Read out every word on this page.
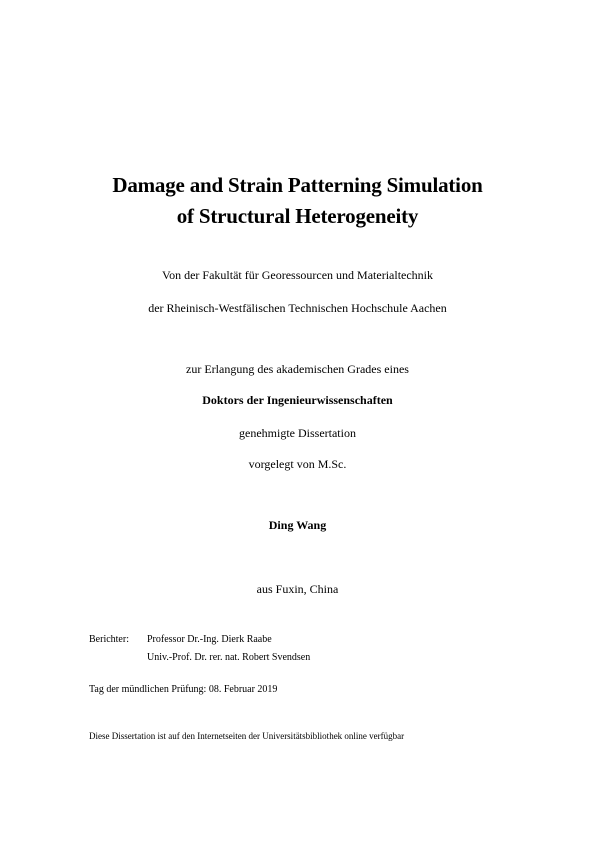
Damage and Strain Patterning Simulation
of Structural Heterogeneity
Von der Fakultät für Georessourcen und Materialtechnik
der Rheinisch-Westfälischen Technischen Hochschule Aachen
zur Erlangung des akademischen Grades eines
Doktors der Ingenieurwissenschaften
genehmigte Dissertation
vorgelegt von M.Sc.
Ding Wang
aus Fuxin, China
Berichter: Professor Dr.-Ing. Dierk Raabe
Univ.-Prof. Dr. rer. nat. Robert Svendsen
Tag der mündlichen Prüfung: 08. Februar 2019
Diese Dissertation ist auf den Internetseiten der Universitätsbibliothek online verfügbar
